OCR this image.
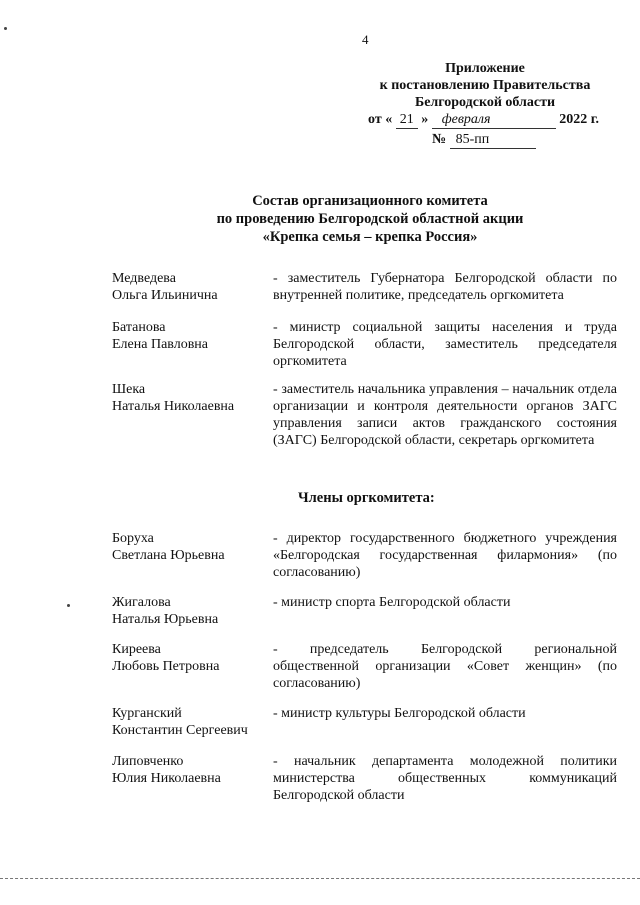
4
Приложение
к постановлению Правительства
Белгородской области
от « 21 » февраля	2022 г.
№ 85-пп
Состав организационного комитета
по проведению Белгородской областной акции
«Крепка семья – крепка Россия»
Медведева
Ольга Ильинична
- заместитель Губернатора Белгородской области по внутренней политике, председатель оргкомитета
Батанова
Елена Павловна
- министр социальной защиты населения и труда Белгородской области, заместитель председателя оргкомитета
Шека
Наталья Николаевна
- заместитель начальника управления – начальник отдела организации и контроля деятельности органов ЗАГС управления записи актов гражданского состояния (ЗАГС) Белгородской области, секретарь оргкомитета
Члены оргкомитета:
Боруха
Светлана Юрьевна
- директор государственного бюджетного учреждения «Белгородская государственная филармония» (по согласованию)
Жигалова
Наталья Юрьевна
- министр спорта Белгородской области
Киреева
Любовь Петровна
- председатель Белгородской региональной общественной организации «Совет женщин» (по согласованию)
Курганский
Константин Сергеевич
- министр культуры Белгородской области
Липовченко
Юлия Николаевна
- начальник департамента молодежной политики министерства общественных коммуникаций Белгородской области
